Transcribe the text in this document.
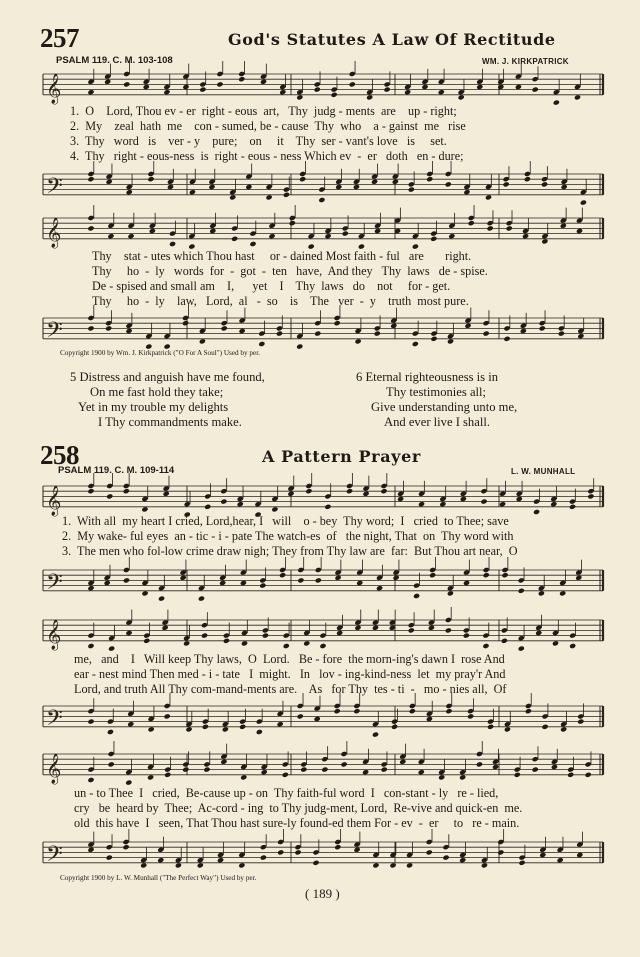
257	God's Statutes A Law Of Rectitude
PSALM 119. C. M. 103-108	WM. J. KIRKPATRICK
𝄞
1.  O    Lord, Thou ev - er  right - eous  art,   Thy  judg - ments  are    up - right;
2.  My    zeal  hath  me    con - sumed, be - cause  Thy  who    a - gainst  me   rise
3.  Thy   word   is    ver - y    pure;    on     it    Thy  ser - vant's love   is     set.
4.  Thy   right - eous-ness  is  right - eous - ness Which ev  -  er   doth   en - dure;
𝄢
𝄞
Thy    stat - utes which Thou hast     or - dained Most faith - ful   are       right.
Thy     ho  -  ly   words  for  -  got  -  ten   have,  And they   Thy  laws   de - spise.
De - spised and small am    I,      yet    I    Thy  laws   do    not     for - get.
Thy     ho  -  ly    law,   Lord,  al   -  so    is    The   ver  -  y    truth  most pure.
𝄢
Copyright 1900 by Wm. J. Kirkpatrick ("O For A Soul") Used by per.
5 Distress and anguish have me found,
On me fast hold they take;
Yet in my trouble my delights
I Thy commandments make.
6 Eternal righteousness is in
Thy testimonies all;
Give understanding unto me,
And ever live I shall.
258	A Pattern Prayer
PSALM 119. C. M. 109-114	L. W. MUNHALL
𝄞
1.  With all  my heart I cried, Lord,hear, I   will    o - bey  Thy word;  I   cried  to Thee; save
2.  My wake- ful eyes  an - tic - i - pate The watch-es  of   the night, That  on  Thy word with
3.  The men who fol-low crime draw nigh; They from Thy law are  far:  But Thou art near,  O
𝄢
𝄞
me,   and    I   Will keep Thy laws,  O  Lord.   Be - fore  the morn-ing's dawn I  rose And
ear - nest mind Then med - i - tate   I  might.   In   lov - ing-kind-ness  let  my pray'r And
Lord, and truth All Thy com-mand-ments are.    As   for Thy  tes - ti  -   mo - nies all,  Of
𝄢
𝄞
un - to Thee  I   cried,  Be-cause up - on  Thy faith-ful word  I   con-stant - ly   re - lied,
cry   be  heard by  Thee;  Ac-cord - ing  to Thy judg-ment, Lord,  Re-vive and quick-en  me.
old  this have  I   seen, That Thou hast sure-ly found-ed them For - ev  -  er     to   re - main.
𝄢
Copyright 1900 by L. W. Munhall ("The Perfect Way") Used by per.
( 189 )
